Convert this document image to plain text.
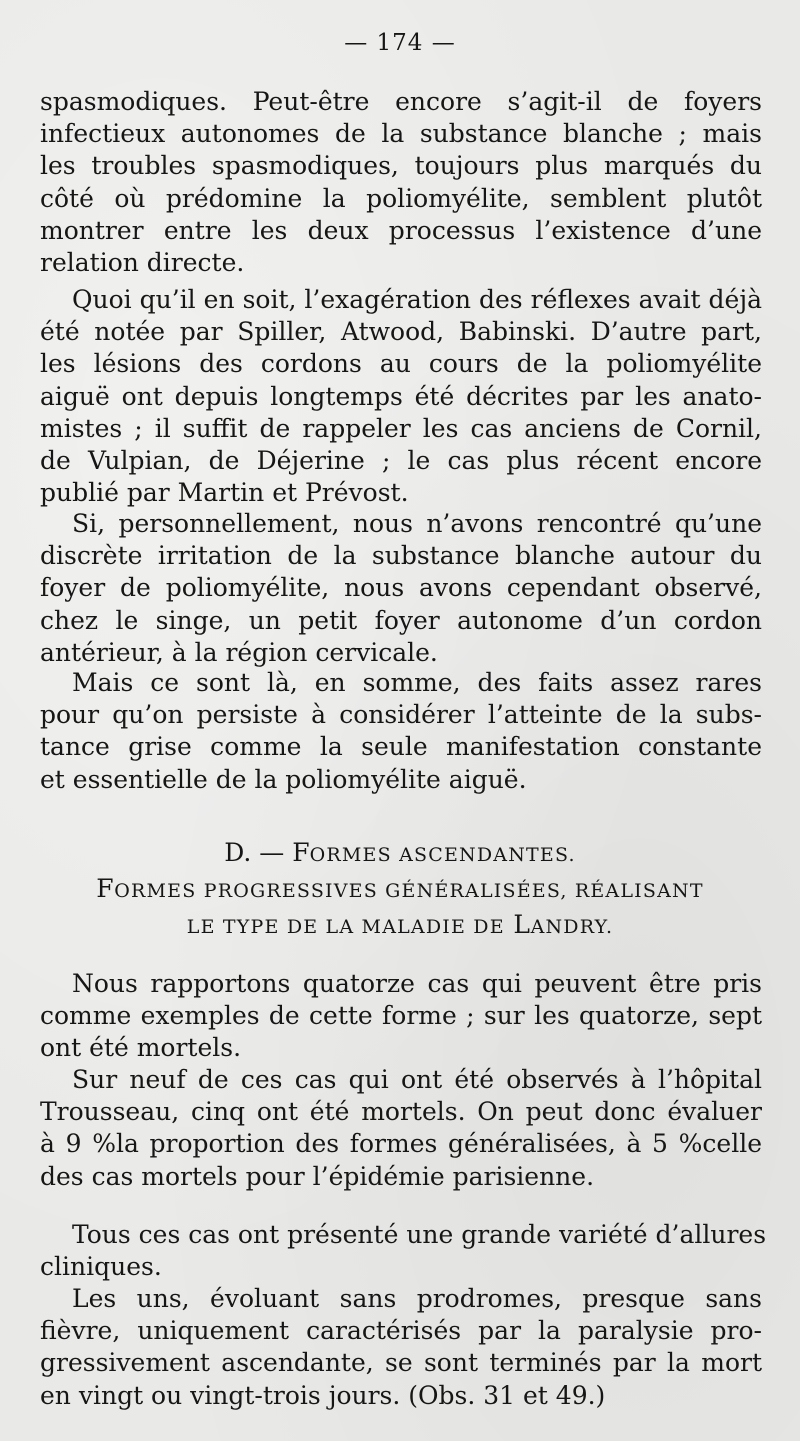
— 174 —
spasmodiques. Peut-être encore s’agit-il de foyers
infectieux autonomes de la substance blanche ; mais
les troubles spasmodiques, toujours plus marqués du
côté où prédomine la poliomyélite, semblent plutôt
montrer entre les deux processus l’existence d’une
relation directe.
Quoi qu’il en soit, l’exagération des réflexes avait déjà
été notée par Spiller, Atwood, Babinski. D’autre part,
les lésions des cordons au cours de la poliomyélite
aiguë ont depuis longtemps été décrites par les anato-
mistes ; il suffit de rappeler les cas anciens de Cornil,
de Vulpian, de Déjerine ; le cas plus récent encore
publié par Martin et Prévost.
Si, personnellement, nous n’avons rencontré qu’une
discrète irritation de la substance blanche autour du
foyer de poliomyélite, nous avons cependant observé,
chez le singe, un petit foyer autonome d’un cordon
antérieur, à la région cervicale.
Mais ce sont là, en somme, des faits assez rares
pour qu’on persiste à considérer l’atteinte de la subs-
tance grise comme la seule manifestation constante
et essentielle de la poliomyélite aiguë.
D. — FORMES ASCENDANTES.
FORMES PROGRESSIVES GÉNÉRALISÉES, RÉALISANT
LE TYPE DE LA MALADIE DE LANDRY.
Nous rapportons quatorze cas qui peuvent être pris
comme exemples de cette forme ; sur les quatorze, sept
ont été mortels.
Sur neuf de ces cas qui ont été observés à l’hôpital
Trousseau, cinq ont été mortels. On peut donc évaluer
à 9 %la proportion des formes généralisées, à 5 %celle
des cas mortels pour l’épidémie parisienne.
Tous ces cas ont présenté une grande variété d’allures
cliniques.
Les uns, évoluant sans prodromes, presque sans
fièvre, uniquement caractérisés par la paralysie pro-
gressivement ascendante, se sont terminés par la mort
en vingt ou vingt-trois jours. (Obs. 31 et 49.)
